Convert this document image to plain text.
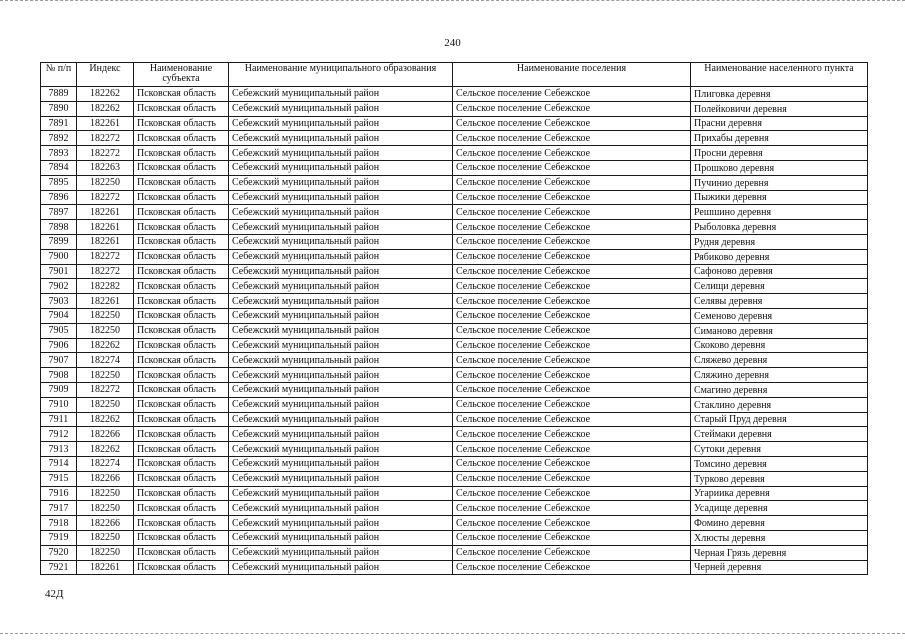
240
№ п/п	Индекс	Наименование субъекта	Наименование муниципального образования	Наименование поселения	Наименование населенного пункта
7889	182262	Псковская область	Себежский муниципальный район	Сельское поселение Себежское	Плиговка деревня
7890	182262	Псковская область	Себежский муниципальный район	Сельское поселение Себежское	Полейковичи деревня
7891	182261	Псковская область	Себежский муниципальный район	Сельское поселение Себежское	Прасни деревня
7892	182272	Псковская область	Себежский муниципальный район	Сельское поселение Себежское	Прихабы деревня
7893	182272	Псковская область	Себежский муниципальный район	Сельское поселение Себежское	Просни деревня
7894	182263	Псковская область	Себежский муниципальный район	Сельское поселение Себежское	Прошково деревня
7895	182250	Псковская область	Себежский муниципальный район	Сельское поселение Себежское	Пучинио деревня
7896	182272	Псковская область	Себежский муниципальный район	Сельское поселение Себежское	Пыжики деревня
7897	182261	Псковская область	Себежский муниципальный район	Сельское поселение Себежское	Решшино деревня
7898	182261	Псковская область	Себежский муниципальный район	Сельское поселение Себежское	Рыболовка деревня
7899	182261	Псковская область	Себежский муниципальный район	Сельское поселение Себежское	Рудня деревня
7900	182272	Псковская область	Себежский муниципальный район	Сельское поселение Себежское	Рябиково деревня
7901	182272	Псковская область	Себежский муниципальный район	Сельское поселение Себежское	Сафоново деревня
7902	182282	Псковская область	Себежский муниципальный район	Сельское поселение Себежское	Селищи деревня
7903	182261	Псковская область	Себежский муниципальный район	Сельское поселение Себежское	Селявы деревня
7904	182250	Псковская область	Себежский муниципальный район	Сельское поселение Себежское	Семеново деревня
7905	182250	Псковская область	Себежский муниципальный район	Сельское поселение Себежское	Симаново деревня
7906	182262	Псковская область	Себежский муниципальный район	Сельское поселение Себежское	Скоково деревня
7907	182274	Псковская область	Себежский муниципальный район	Сельское поселение Себежское	Сляжево деревня
7908	182250	Псковская область	Себежский муниципальный район	Сельское поселение Себежское	Сляжино деревня
7909	182272	Псковская область	Себежский муниципальный район	Сельское поселение Себежское	Смагино деревня
7910	182250	Псковская область	Себежский муниципальный район	Сельское поселение Себежское	Стаклино деревня
7911	182262	Псковская область	Себежский муниципальный район	Сельское поселение Себежское	Старый Пруд деревня
7912	182266	Псковская область	Себежский муниципальный район	Сельское поселение Себежское	Стеймаки деревня
7913	182262	Псковская область	Себежский муниципальный район	Сельское поселение Себежское	Сутоки деревня
7914	182274	Псковская область	Себежский муниципальный район	Сельское поселение Себежское	Томсино деревня
7915	182266	Псковская область	Себежский муниципальный район	Сельское поселение Себежское	Турково деревня
7916	182250	Псковская область	Себежский муниципальный район	Сельское поселение Себежское	Угариика деревня
7917	182250	Псковская область	Себежский муниципальный район	Сельское поселение Себежское	Усадище деревня
7918	182266	Псковская область	Себежский муниципальный район	Сельское поселение Себежское	Фомино деревня
7919	182250	Псковская область	Себежский муниципальный район	Сельское поселение Себежское	Хлюсты деревня
7920	182250	Псковская область	Себежский муниципальный район	Сельское поселение Себежское	Черная Грязь деревня
7921	182261	Псковская область	Себежский муниципальный район	Сельское поселение Себежское	Черней деревня
42Д
